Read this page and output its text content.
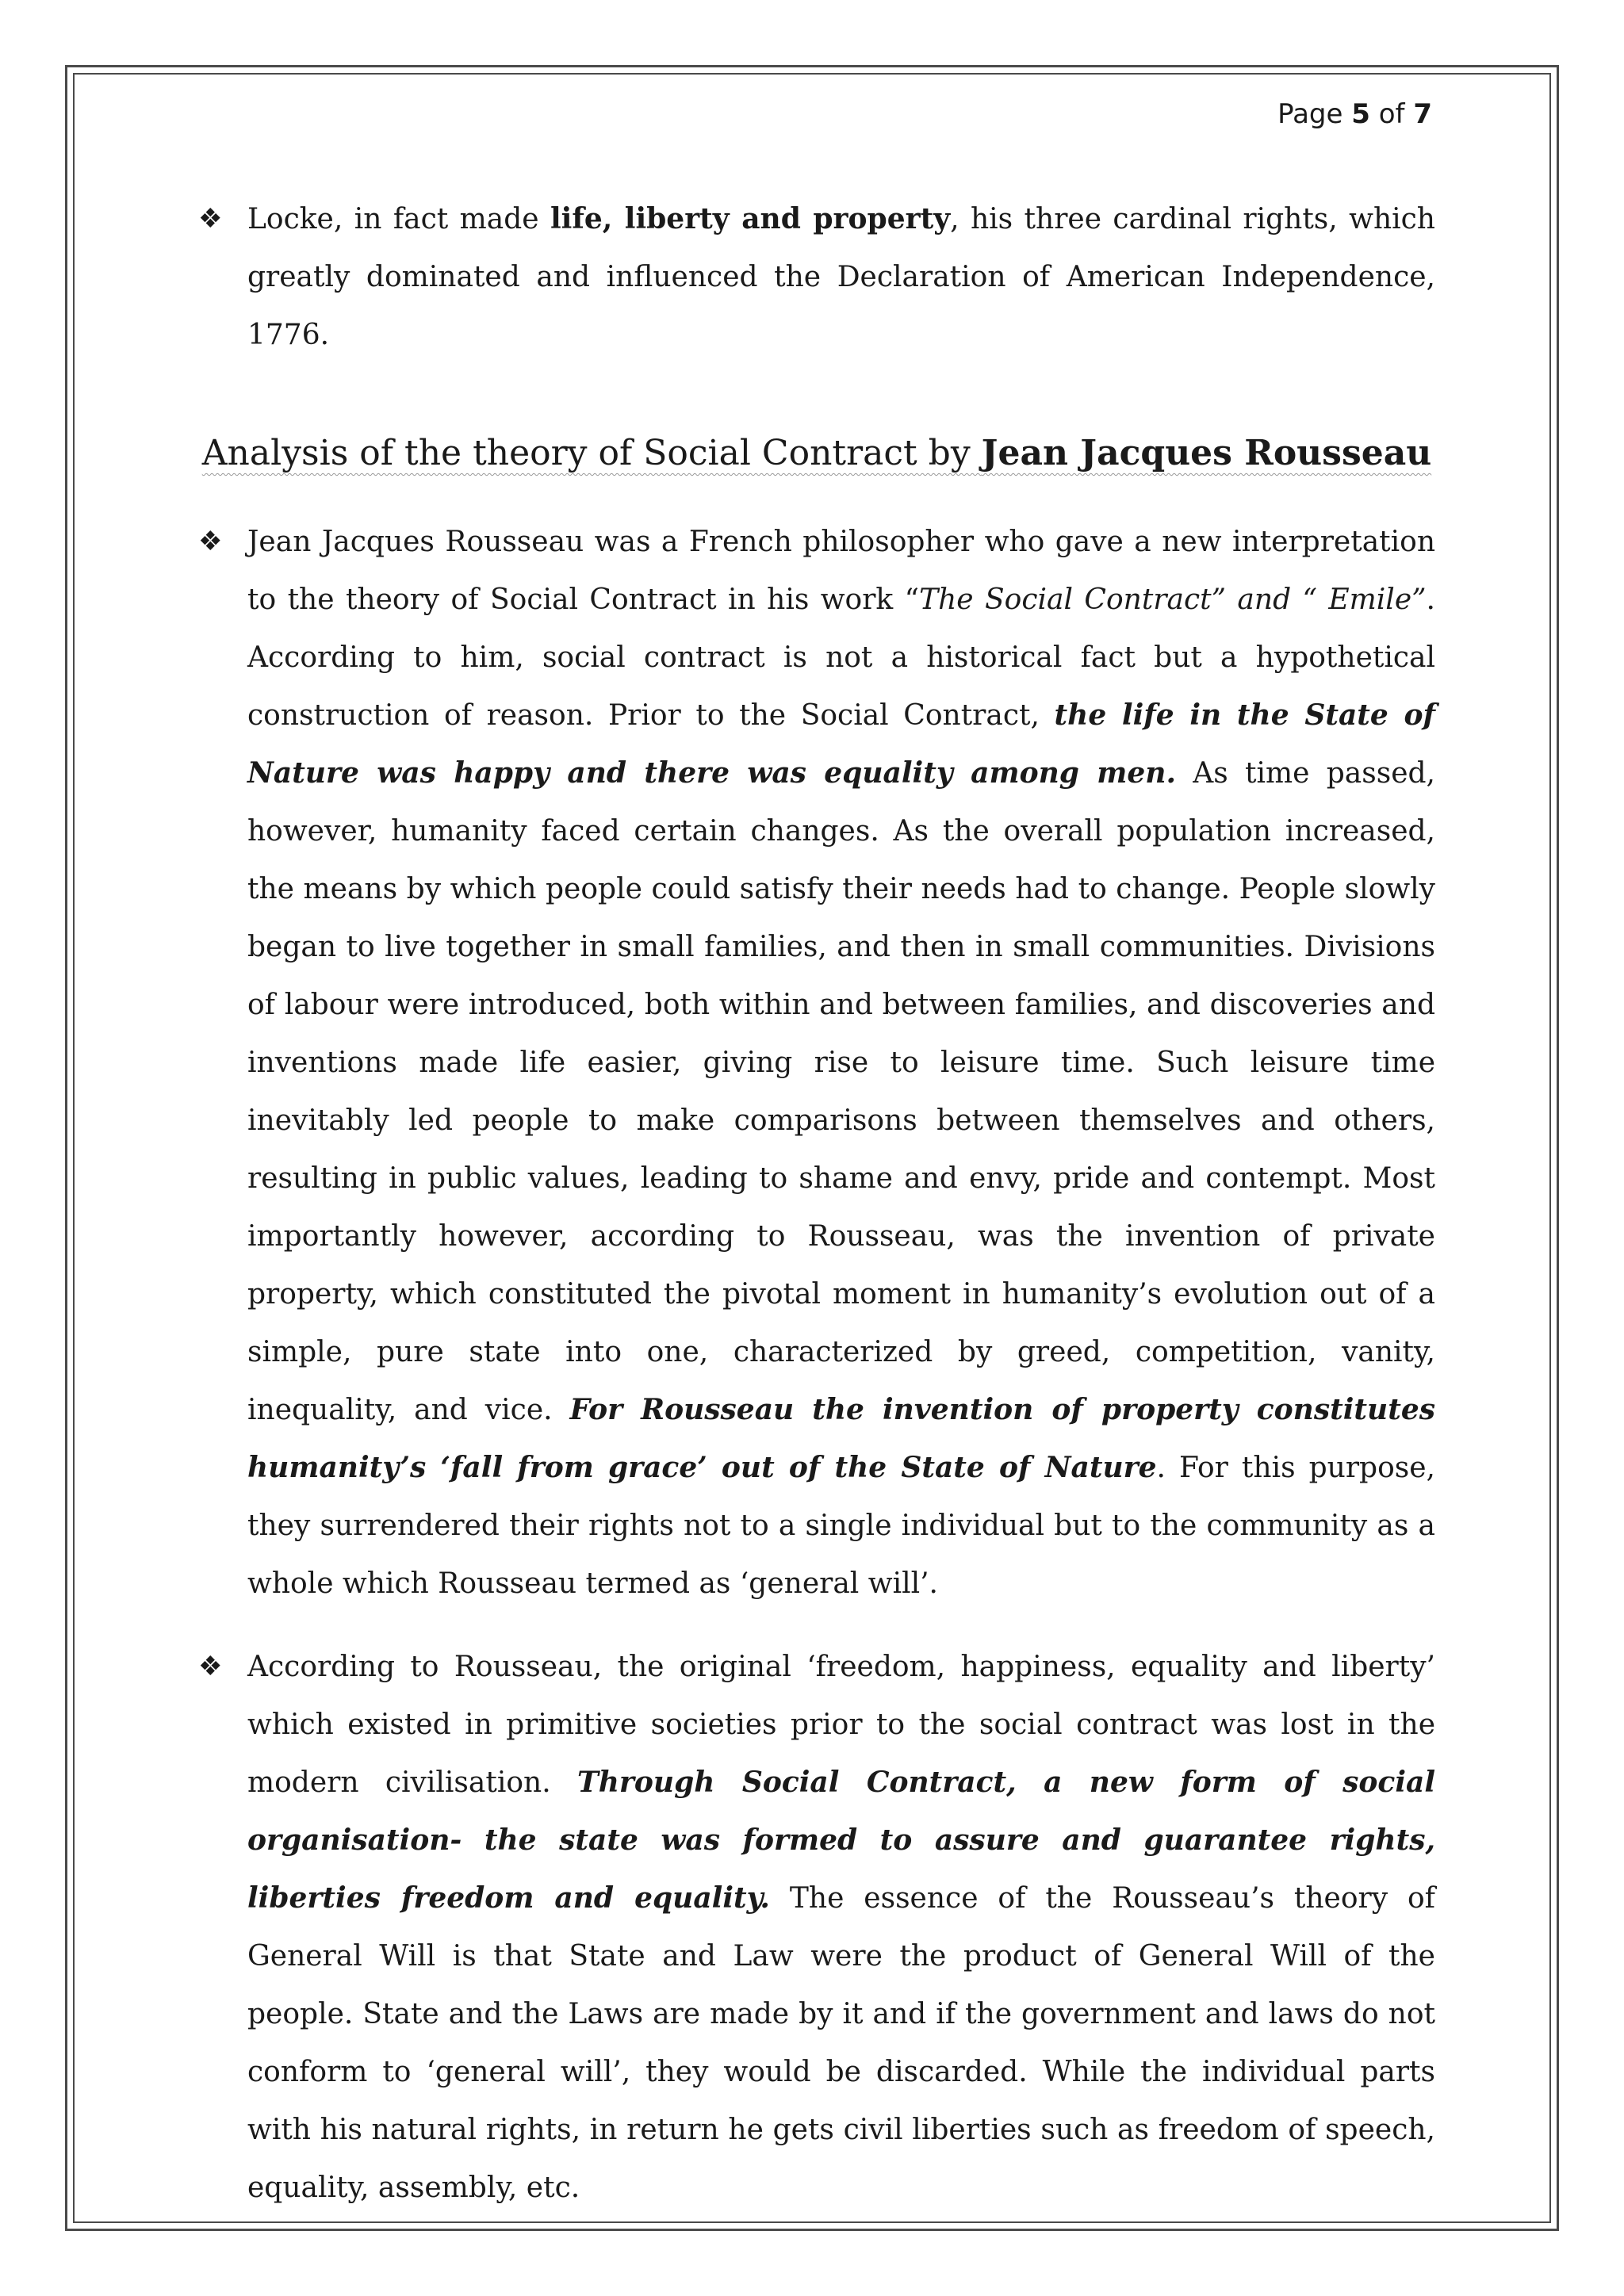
Page 5 of 7
❖ Locke, in fact made life, liberty and property, his three cardinal rights, which greatly dominated and influenced the Declaration of American Independence, 1776.
Analysis of the theory of Social Contract by Jean Jacques Rousseau
❖ Jean Jacques Rousseau was a French philosopher who gave a new interpretation to the theory of Social Contract in his work “The Social Contract” and “ Emile”. According to him, social contract is not a historical fact but a hypothetical construction of reason. Prior to the Social Contract, the life in the State of Nature was happy and there was equality among men. As time passed, however, humanity faced certain changes. As the overall population increased, the means by which people could satisfy their needs had to change. People slowly began to live together in small families, and then in small communities. Divisions of labour were introduced, both within and between families, and discoveries and inventions made life easier, giving rise to leisure time. Such leisure time inevitably led people to make comparisons between themselves and others, resulting in public values, leading to shame and envy, pride and contempt. Most importantly however, according to Rousseau, was the invention of private property, which constituted the pivotal moment in humanity’s evolution out of a simple, pure state into one, characterized by greed, competition, vanity, inequality, and vice. For Rousseau the invention of property constitutes humanity’s ‘fall from grace’ out of the State of Nature. For this purpose, they surrendered their rights not to a single individual but to the community as a whole which Rousseau termed as ‘general will’.
❖ According to Rousseau, the original ‘freedom, happiness, equality and liberty’ which existed in primitive societies prior to the social contract was lost in the modern civilisation. Through Social Contract, a new form of social organisation- the state was formed to assure and guarantee rights, liberties freedom and equality. The essence of the Rousseau’s theory of General Will is that State and Law were the product of General Will of the people. State and the Laws are made by it and if the government and laws do not conform to ‘general will’, they would be discarded. While the individual parts with his natural rights, in return he gets civil liberties such as freedom of speech, equality, assembly, etc.
